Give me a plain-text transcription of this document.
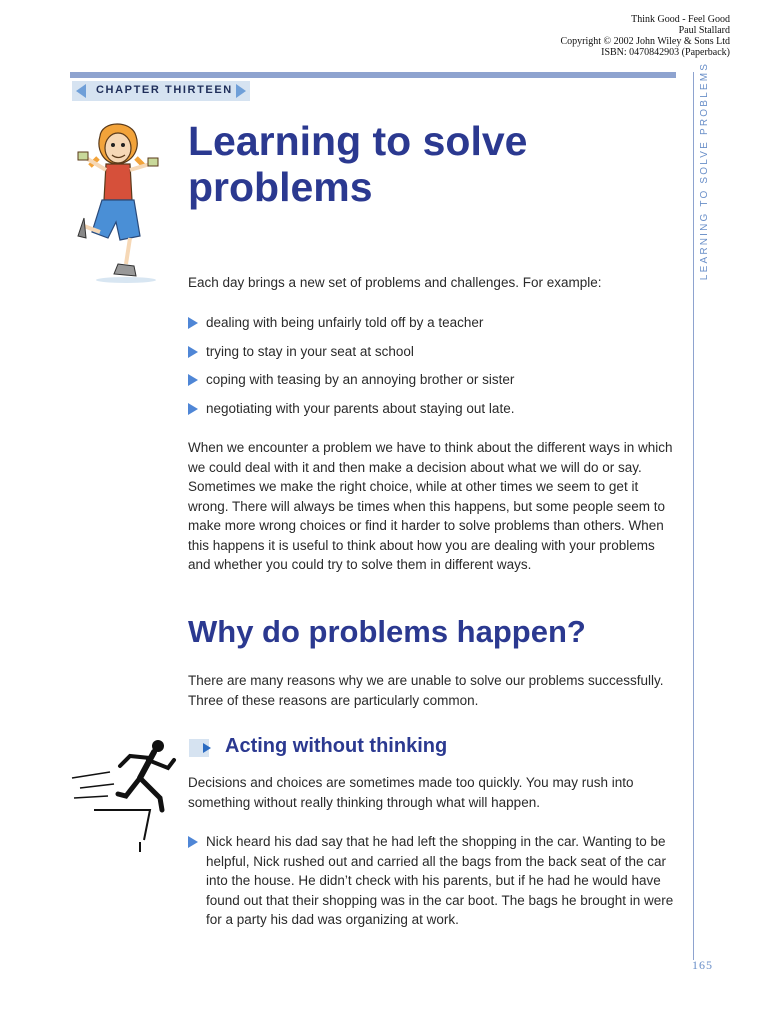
Think Good - Feel Good
Paul Stallard
Copyright © 2002 John Wiley & Sons Ltd
ISBN: 0470842903 (Paperback)
CHAPTER THIRTEEN	LEARNING TO SOLVE PROBLEMS
Learning to solve
problems

Each day brings a new set of problems and challenges. For example:

dealing with being unfairly told off by a teacher
trying to stay in your seat at school
coping with teasing by an annoying brother or sister
negotiating with your parents about staying out late.

When we encounter a problem we have to think about the different ways in which we could deal with it and then make a decision about what we will do or say. Sometimes we make the right choice, while at other times we seem to get it wrong. There will always be times when this happens, but some people seem to make more wrong choices or find it harder to solve problems than others. When this happens it is useful to think about how you are dealing with your problems and whether you could try to solve them in different ways.

Why do problems happen?

There are many reasons why we are unable to solve our problems successfully. Three of these reasons are particularly common.

Acting without thinking

Decisions and choices are sometimes made too quickly. You may rush into something without really thinking through what will happen.

Nick heard his dad say that he had left the shopping in the car. Wanting to be helpful, Nick rushed out and carried all the bags from the back seat of the car into the house. He didn’t check with his parents, but if he had he would have found out that their shopping was in the car boot. The bags he brought in were for a party his dad was organizing at work.
165
